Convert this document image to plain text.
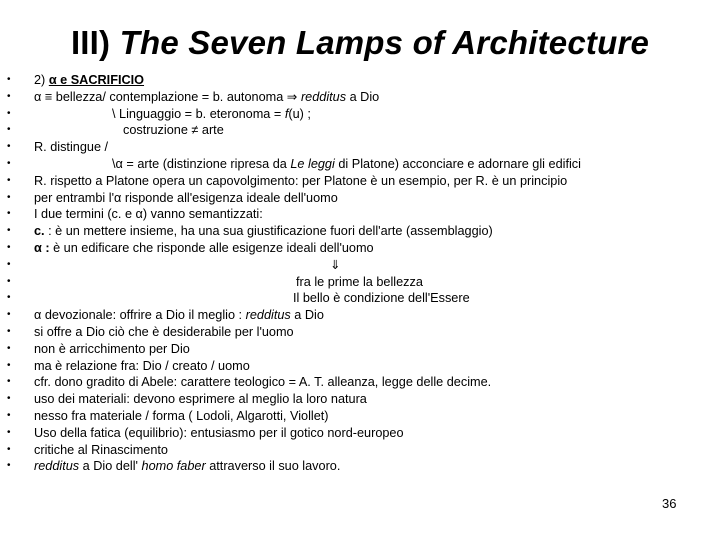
III) The Seven Lamps of Architecture
• 2) α e SACRIFICIO
• α ≡ bellezza/ contemplazione = b. autonoma ⇒ redditus a Dio
•	\ Linguaggio = b. eteronoma = f(u) ;
•	costruzione ≠ arte
• R. distingue /
•	\α = arte (distinzione ripresa da Le leggi di Platone) acconciare e adornare gli edifici
• R. rispetto a Platone opera un capovolgimento: per Platone è un esempio, per R. è un principio
• per entrambi l'α risponde all'esigenza ideale dell'uomo
• I due termini (c. e α) vanno semantizzati:
• c. : è un mettere insieme, ha una sua giustificazione fuori dell'arte (assemblaggio)
• α : è un edificare che risponde alle esigenze ideali dell'uomo
•	⇓
•	fra le prime la bellezza
•	Il bello è condizione dell'Essere
• α devozionale: offrire a Dio il meglio : redditus a Dio
• si offre a Dio ciò che è desiderabile per l'uomo
• non è arricchimento per Dio
• ma è relazione fra: Dio / creato / uomo
• cfr. dono gradito di Abele: carattere teologico = A. T. alleanza, legge delle decime.
• uso dei materiali: devono esprimere al meglio la loro natura
• nesso fra materiale / forma ( Lodoli, Algarotti, Viollet)
• Uso della fatica (equilibrio): entusiasmo per il gotico nord-europeo
• critiche al Rinascimento
• redditus a Dio dell' homo faber attraverso il suo lavoro.
36
